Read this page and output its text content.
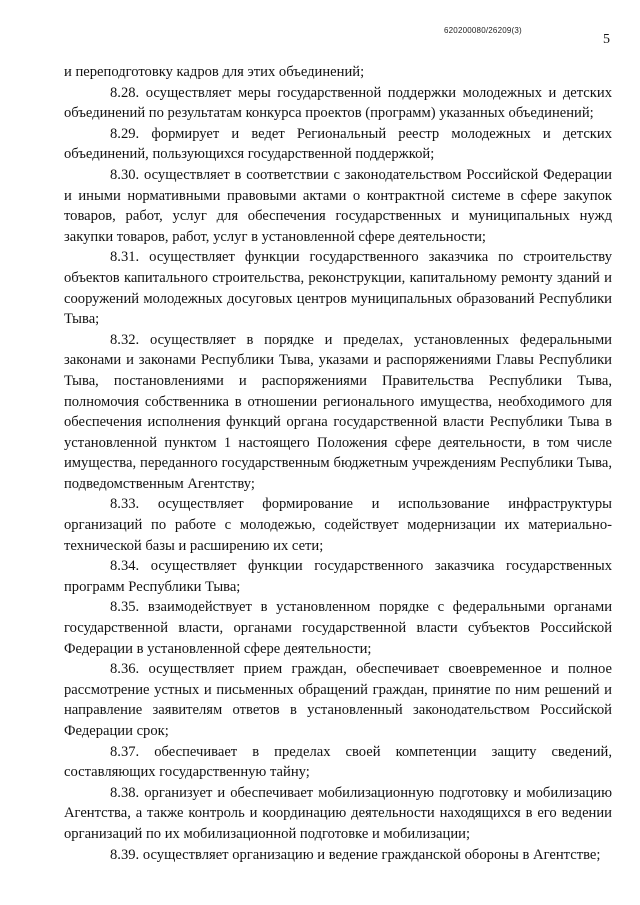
620200080/26209(3)
5

и переподготовку кадров для этих объединений;

8.28. осуществляет меры государственной поддержки молодежных и детских объединений по результатам конкурса проектов (программ) указанных объединений;

8.29. формирует и ведет Региональный реестр молодежных и детских объединений, пользующихся государственной поддержкой;

8.30. осуществляет в соответствии с законодательством Российской Федерации и иными нормативными правовыми актами о контрактной системе в сфере закупок товаров, работ, услуг для обеспечения государственных и муниципальных нужд закупки товаров, работ, услуг в установленной сфере деятельности;

8.31. осуществляет функции государственного заказчика по строительству объектов капитального строительства, реконструкции, капитальному ремонту зданий и сооружений молодежных досуговых центров муниципальных образований Республики Тыва;

8.32. осуществляет в порядке и пределах, установленных федеральными законами и законами Республики Тыва, указами и распоряжениями Главы Республики Тыва, постановлениями и распоряжениями Правительства Республики Тыва, полномочия собственника в отношении регионального имущества, необходимого для обеспечения исполнения функций органа государственной власти Республики Тыва в установленной пунктом 1 настоящего Положения сфере деятельности, в том числе имущества, переданного государственным бюджетным учреждениям Республики Тыва, подведомственным Агентству;

8.33. осуществляет формирование и использование инфраструктуры организаций по работе с молодежью, содействует модернизации их материально-технической базы и расширению их сети;

8.34. осуществляет функции государственного заказчика государственных программ Республики Тыва;

8.35. взаимодействует в установленном порядке с федеральными органами государственной власти, органами государственной власти субъектов Российской Федерации в установленной сфере деятельности;

8.36. осуществляет прием граждан, обеспечивает своевременное и полное рассмотрение устных и письменных обращений граждан, принятие по ним решений и направление заявителям ответов в установленный законодательством Российской Федерации срок;

8.37. обеспечивает в пределах своей компетенции защиту сведений, составляющих государственную тайну;

8.38. организует и обеспечивает мобилизационную подготовку и мобилизацию Агентства, а также контроль и координацию деятельности находящихся в его ведении организаций по их мобилизационной подготовке и мобилизации;

8.39. осуществляет организацию и ведение гражданской обороны в Агентстве;
